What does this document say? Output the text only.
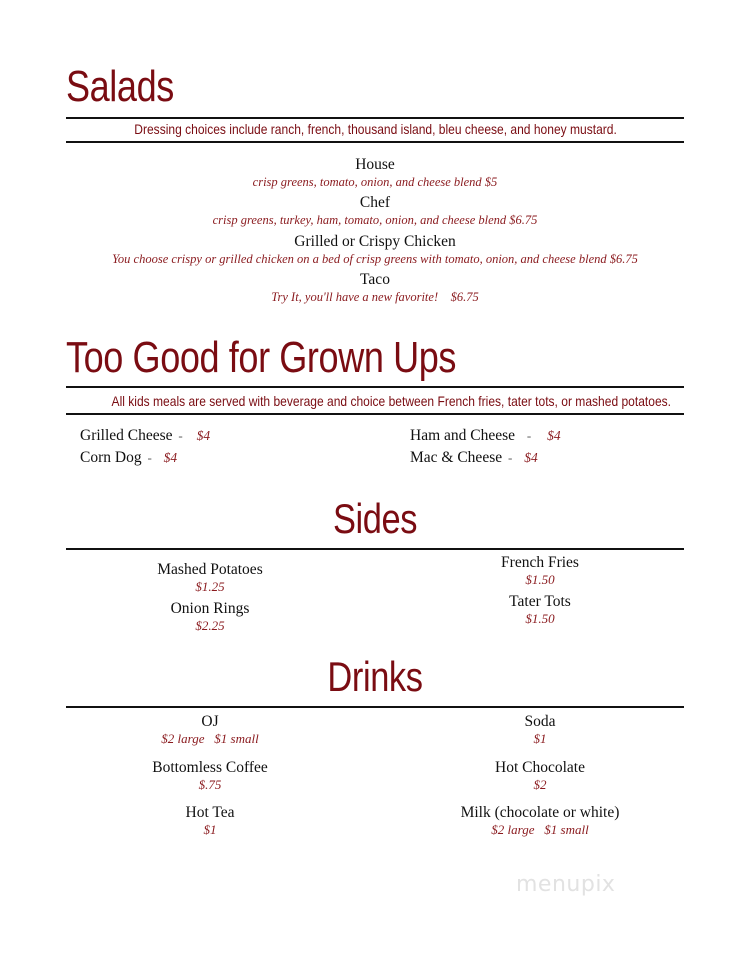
Salads
Dressing choices include ranch, french, thousand island, bleu cheese, and honey mustard.
House
crisp greens, tomato, onion, and cheese blend $5
Chef
crisp greens, turkey, ham, tomato, onion, and cheese blend $6.75
Grilled or Crispy Chicken
You choose crispy or grilled chicken on a bed of crisp greens with tomato, onion, and cheese blend $6.75
Taco
Try It, you'll have a new favorite!    $6.75
Too Good for Grown Ups
All kids meals are served with beverage and choice between French fries, tater tots, or mashed potatoes.
Grilled Cheese - $4
Corn Dog - $4
Ham and Cheese - $4
Mac & Cheese - $4
Sides
Mashed Potatoes
$1.25
Onion Rings
$2.25
French Fries
$1.50
Tater Tots
$1.50
Drinks
OJ
$2 large   $1 small
Bottomless Coffee
$.75
Hot Tea
$1
Soda
$1
Hot Chocolate
$2
Milk (chocolate or white)
$2 large   $1 small
menupix
